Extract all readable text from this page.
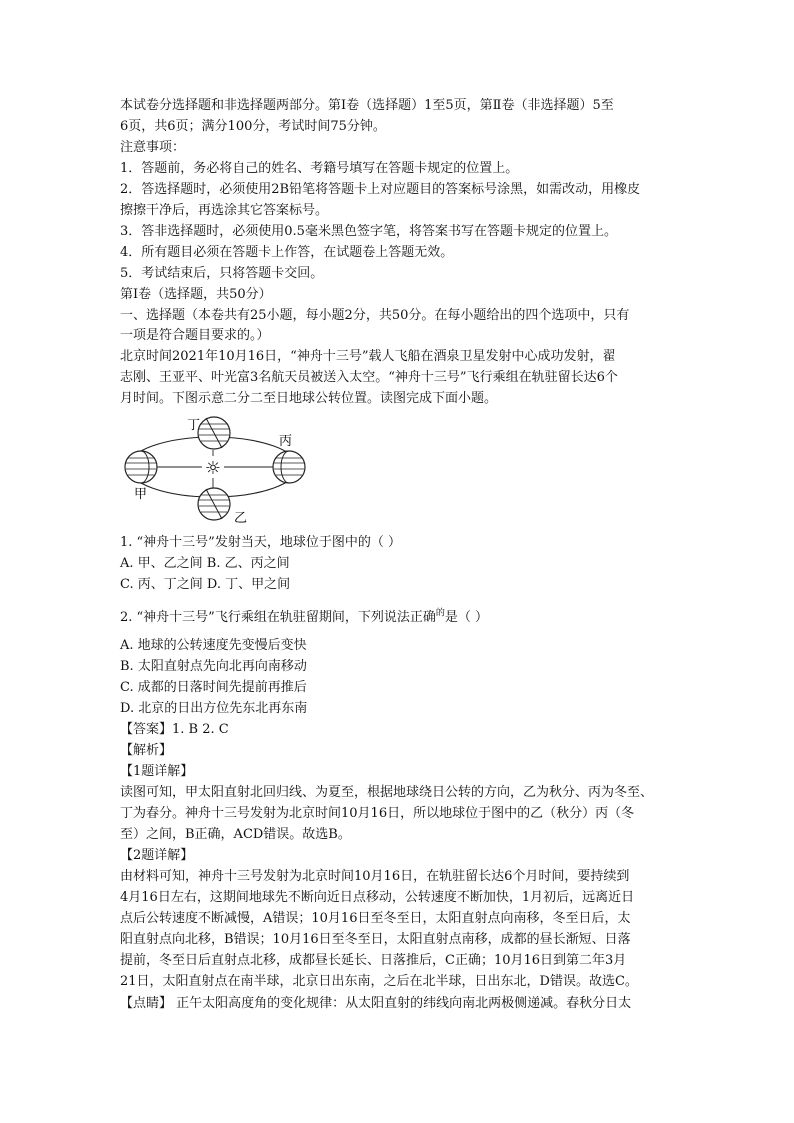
本试卷分选择题和非选择题两部分。第Ⅰ卷（选择题）1至5页，第Ⅱ卷（非选择题）5至
6页，共6页；满分100分，考试时间75分钟。
注意事项：
1．答题前，务必将自己的姓名、考籍号填写在答题卡规定的位置上。
2．答选择题时，必须使用2B铅笔将答题卡上对应题目的答案标号涂黑，如需改动，用橡皮
擦擦干净后，再选涂其它答案标号。
3．答非选择题时，必须使用0.5毫米黑色签字笔，将答案书写在答题卡规定的位置上。
4．所有题目必须在答题卡上作答，在试题卷上答题无效。
5．考试结束后，只将答题卡交回。
第Ⅰ卷（选择题，共50分）
一、选择题（本卷共有25小题，每小题2分，共50分。在每小题给出的四个选项中，只有
一项是符合题目要求的。）
北京时间2021年10月16日，“神舟十三号”载人飞船在酒泉卫星发射中心成功发射，翟
志刚、王亚平、叶光富3名航天员被送入太空。“神舟十三号”飞行乘组在轨驻留长达6个
月时间。下图示意二分二至日地球公转位置。读图完成下面小题。
☼
丁
丙
甲
乙
1. “神舟十三号”发射当天，地球位于图中的（ ）
A. 甲、乙之间 B. 乙、丙之间
C. 丙、丁之间 D. 丁、甲之间
2. “神舟十三号”飞行乘组在轨驻留期间，下列说法正确$^的$是（ ）
A. 地球的公转速度先变慢后变快
B. 太阳直射点先向北再向南移动
C. 成都的日落时间先提前再推后
D. 北京的日出方位先东北再东南
【答案】1. B 2. C
【解析】
【1题详解】
读图可知，甲太阳直射北回归线、为夏至，根据地球绕日公转的方向，乙为秋分、丙为冬至、
丁为春分。神舟十三号发射为北京时间10月16日，所以地球位于图中的乙（秋分）丙（冬
至）之间，B正确，ACD错误。故选B。
【2题详解】
由材料可知，神舟十三号发射为北京时间10月16日，在轨驻留长达6个月时间，要持续到
4月16日左右，这期间地球先不断向近日点移动，公转速度不断加快，1月初后，远离近日
点后公转速度不断减慢，A错误；10月16日至冬至日，太阳直射点向南移，冬至日后，太
阳直射点向北移，B错误；10月16日至冬至日，太阳直射点南移，成都的昼长渐短、日落
提前，冬至日后直射点北移，成都昼长延长、日落推后，C正确；10月16日到第二年3月
21日，太阳直射点在南半球，北京日出东南，之后在北半球，日出东北，D错误。故选C。
【点睛】 正午太阳高度角的变化规律：从太阳直射的纬线向南北两极侧递减。春秋分日太
